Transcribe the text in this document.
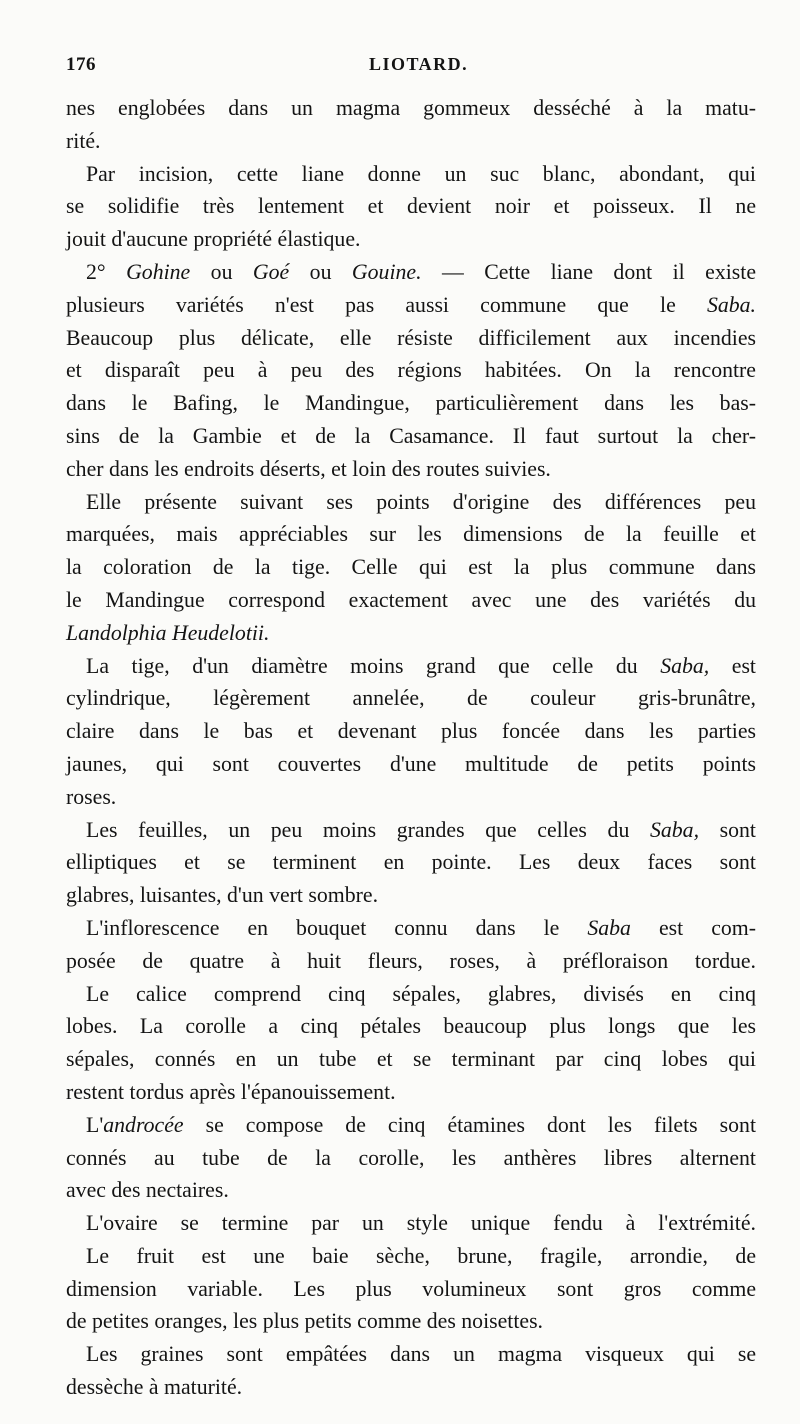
176	LIOTARD.
nes englobées dans un magma gommeux desséché à la matu-
rité.
Par incision, cette liane donne un suc blanc, abondant, qui
se solidifie très lentement et devient noir et poisseux. Il ne
jouit d'aucune propriété élastique.
2° Gohine ou Goé ou Gouine. — Cette liane dont il existe
plusieurs variétés n'est pas aussi commune que le Saba.
Beaucoup plus délicate, elle résiste difficilement aux incendies
et disparaît peu à peu des régions habitées. On la rencontre
dans le Bafing, le Mandingue, particulièrement dans les bas-
sins de la Gambie et de la Casamance. Il faut surtout la cher-
cher dans les endroits déserts, et loin des routes suivies.
Elle présente suivant ses points d'origine des différences peu
marquées, mais appréciables sur les dimensions de la feuille et
la coloration de la tige. Celle qui est la plus commune dans
le Mandingue correspond exactement avec une des variétés du
Landolphia Heudelotii.
La tige, d'un diamètre moins grand que celle du Saba, est
cylindrique, légèrement annelée, de couleur gris-brunâtre,
claire dans le bas et devenant plus foncée dans les parties
jaunes, qui sont couvertes d'une multitude de petits points
roses.
Les feuilles, un peu moins grandes que celles du Saba, sont
elliptiques et se terminent en pointe. Les deux faces sont
glabres, luisantes, d'un vert sombre.
L'inflorescence en bouquet connu dans le Saba est com-
posée de quatre à huit fleurs, roses, à préfloraison tordue.
Le calice comprend cinq sépales, glabres, divisés en cinq
lobes. La corolle a cinq pétales beaucoup plus longs que les
sépales, connés en un tube et se terminant par cinq lobes qui
restent tordus après l'épanouissement.
L'androcée se compose de cinq étamines dont les filets sont
connés au tube de la corolle, les anthères libres alternent
avec des nectaires.
L'ovaire se termine par un style unique fendu à l'extrémité.
Le fruit est une baie sèche, brune, fragile, arrondie, de
dimension variable. Les plus volumineux sont gros comme
de petites oranges, les plus petits comme des noisettes.
Les graines sont empâtées dans un magma visqueux qui se
dessèche à maturité.
